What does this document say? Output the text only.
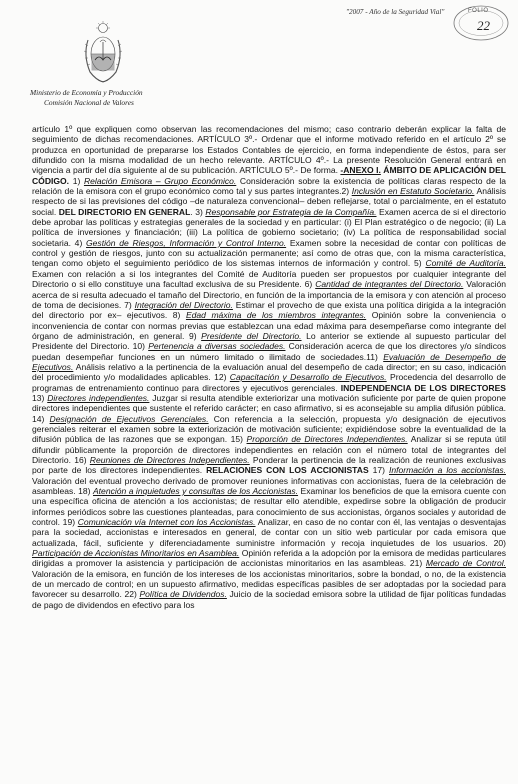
"2007 - Año de la Seguridad Vial"	FOLIO
22
Ministerio de Economía y Producción
Comisión Nacional de Valores
artículo 1º que expliquen como observan las recomendaciones del mismo; caso contrario deberán explicar la falta de seguimiento de dichas recomendaciones. ARTÍCULO 3º.- Ordenar que el informe motivado referido en el artículo 2º se produzca en oportunidad de prepararse los Estados Contables de ejercicio, en forma independiente de éstos, para ser difundido con la misma modalidad de un hecho relevante. ARTÍCULO 4º.- La presente Resolución General entrará en vigencia a partir del día siguiente al de su publicación. ARTÍCULO 5º.- De forma. -ANEXO I. ÁMBITO DE APLICACIÓN DEL CÓDIGO. 1) Relación Emisora – Grupo Económico. Consideración sobre la existencia de políticas claras respecto de la relación de la emisora con el grupo económico como tal y sus partes integrantes.2) Inclusión en Estatuto Societario. Análisis respecto de si las previsiones del código –de naturaleza convencional– deben reflejarse, total o parcialmente, en el estatuto social. DEL DIRECTORIO EN GENERAL. 3) Responsable por Estrategia de la Compañía. Examen acerca de si el directorio debe aprobar las políticas y estrategias generales de la sociedad y en particular: (i) El Plan estratégico o de negocio; (ii) La política de inversiones y financiación; (iii) La política de gobierno societario; (iv) La política de responsabilidad social societaria. 4) Gestión de Riesgos, Información y Control Interno. Examen sobre la necesidad de contar con políticas de control y gestión de riesgos, junto con su actualización permanente; así como de otras que, con la misma característica, tengan como objeto el seguimiento periódico de los sistemas internos de información y control. 5) Comité de Auditoría. Examen con relación a si los integrantes del Comité de Auditoría pueden ser propuestos por cualquier integrante del Directorio o si ello constituye una facultad exclusiva de su Presidente. 6) Cantidad de integrantes del Directorio. Valoración acerca de si resulta adecuado el tamaño del Directorio, en función de la importancia de la emisora y con atención al proceso de toma de decisiones. 7) Integración del Directorio. Estimar el provecho de que exista una política dirigida a la integración del directorio por ex– ejecutivos. 8) Edad máxima de los miembros integrantes. Opinión sobre la conveniencia o inconveniencia de contar con normas previas que establezcan una edad máxima para desempeñarse como integrante del órgano de administración, en general. 9) Presidente del Directorio. Lo anterior se extiende al supuesto particular del Presidente del Directorio. 10) Pertenencia a diversas sociedades. Consideración acerca de que los directores y/o síndicos puedan desempeñar funciones en un número limitado o ilimitado de sociedades.11) Evaluación de Desempeño de Ejecutivos. Análisis relativo a la pertinencia de la evaluación anual del desempeño de cada director; en su caso, indicación del procedimiento y/o modalidades aplicables. 12) Capacitación y Desarrollo de Ejecutivos. Procedencia del desarrollo de programas de entrenamiento continuo para directores y ejecutivos gerenciales. INDEPENDENCIA DE LOS DIRECTORES 13) Directores independientes. Juzgar si resulta atendible exteriorizar una motivación suficiente por parte de quien propone directores independientes que sustente el referido carácter; en caso afirmativo, si es aconsejable su amplia difusión pública. 14) Designación de Ejecutivos Gerenciales. Con referencia a la selección, propuesta y/o designación de ejecutivos gerenciales reiterar el examen sobre la exteriorización de motivación suficiente; expidiéndose sobre la eventualidad de la difusión pública de las razones que se expongan. 15) Proporción de Directores Independientes. Analizar si se reputa útil difundir públicamente la proporción de directores independientes en relación con el número total de integrantes del Directorio. 16) Reuniones de Directores Independientes. Ponderar la pertinencia de la realización de reuniones exclusivas por parte de los directores independientes. RELACIONES CON LOS ACCIONISTAS 17) Información a los accionistas. Valoración del eventual provecho derivado de promover reuniones informativas con accionistas, fuera de la celebración de asambleas. 18) Atención a inquietudes y consultas de los Accionistas. Examinar los beneficios de que la emisora cuente con una específica oficina de atención a los accionistas; de resultar ello atendible, expedirse sobre la obligación de producir informes periódicos sobre las cuestiones planteadas, para conocimiento de sus accionistas, órganos sociales y autoridad de control. 19) Comunicación vía Internet con los Accionistas. Analizar, en caso de no contar con él, las ventajas o desventajas para la sociedad, accionistas e interesados en general, de contar con un sitio web particular por cada emisora que actualizada, fácil, suficiente y diferenciadamente suministre información y recoja inquietudes de los usuarios. 20) Participación de Accionistas Minoritarios en Asamblea. Opinión referida a la adopción por la emisora de medidas particulares dirigidas a promover la asistencia y participación de accionistas minoritarios en las asambleas. 21) Mercado de Control. Valoración de la emisora, en función de los intereses de los accionistas minoritarios, sobre la bondad, o no, de la existencia de un mercado de control; en un supuesto afirmativo, medidas específicas pasibles de ser adoptadas por la sociedad para favorecer su desarrollo. 22) Política de Dividendos. Juicio de la sociedad emisora sobre la utilidad de fijar políticas fundadas de pago de dividendos en efectivo para los
